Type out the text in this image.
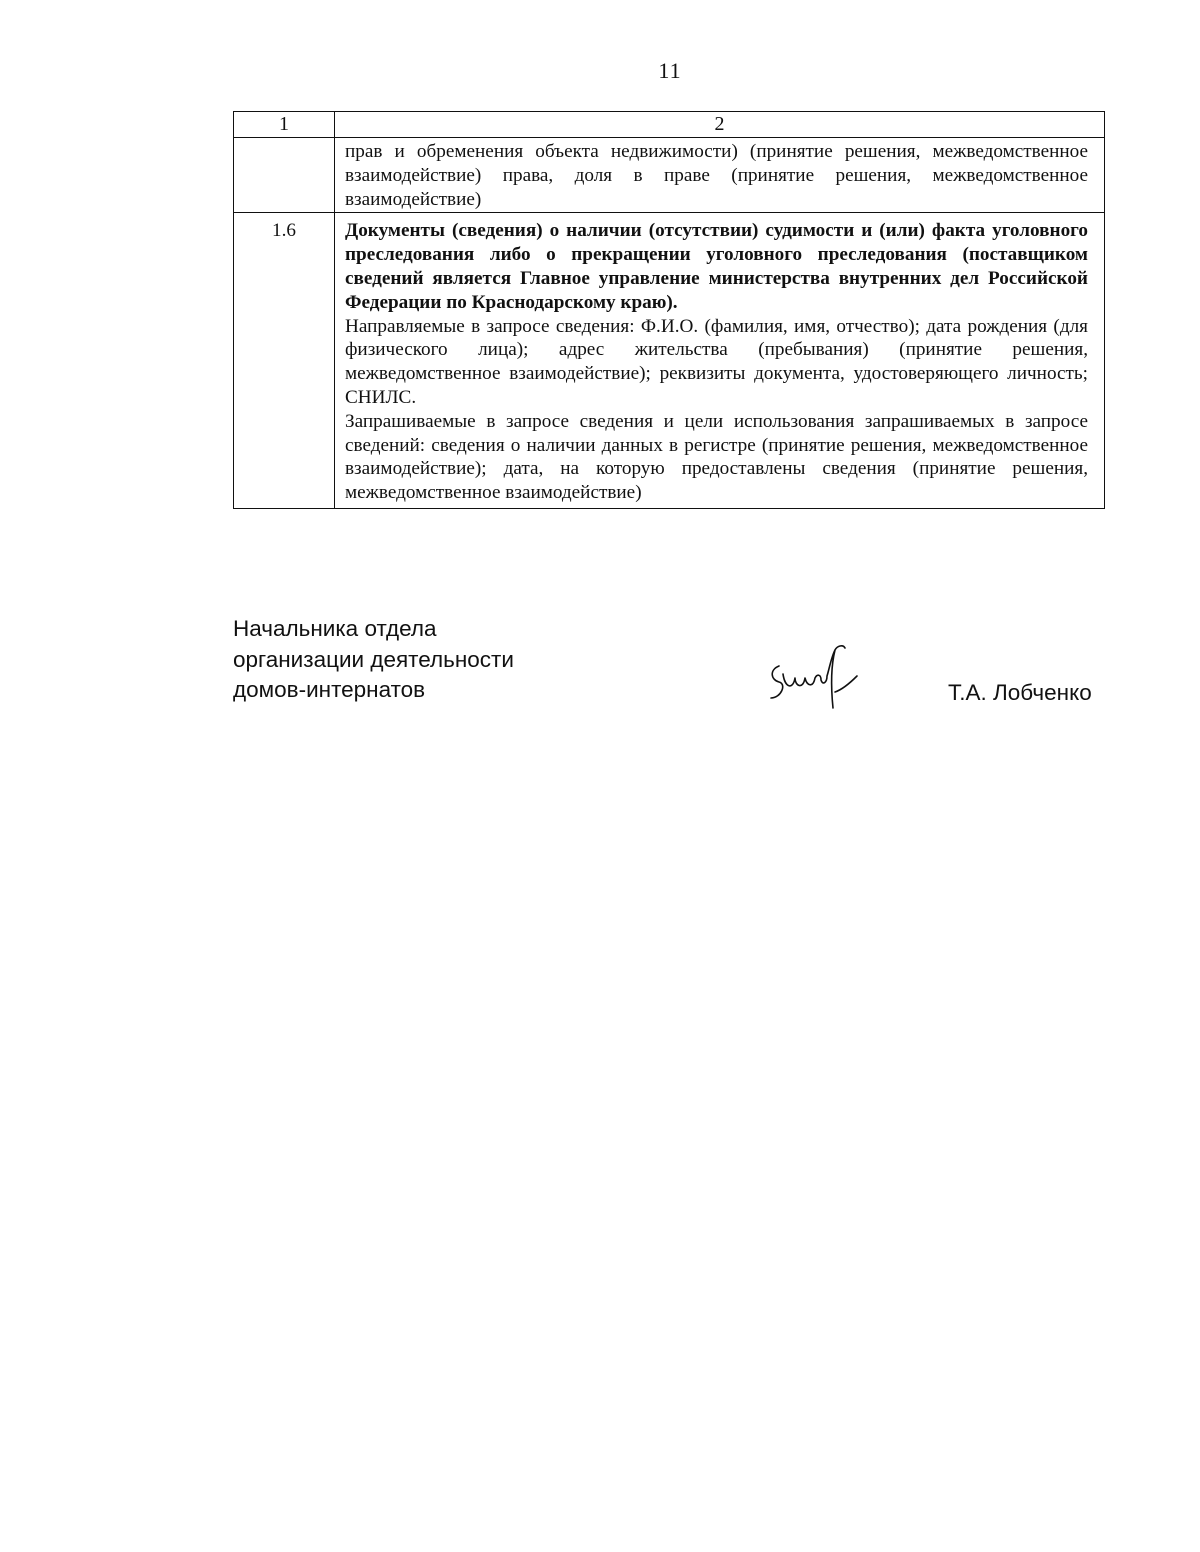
11
1	2

	прав и обременения объекта недвижимости) (принятие решения, межведомственное взаимодействие) права, доля в праве (принятие решения, межведомственное взаимодействие)

1.6	Документы (сведения) о наличии (отсутствии) судимости и (или) факта уголовного преследования либо о прекращении уголовного преследования (поставщиком сведений является Главное управление министерства внутренних дел Российской Федерации по Краснодарскому краю).

Направляемые в запросе сведения: Ф.И.О. (фамилия, имя, отчество); дата рождения (для физического лица); адрес жительства (пребывания) (принятие решения, межведомственное взаимодействие); реквизиты документа, удостоверяющего личность; СНИЛС.

Запрашиваемые в запросе сведения и цели использования запрашиваемых в запросе сведений: сведения о наличии данных в регистре (принятие решения, межведомственное взаимодействие); дата, на которую предоставлены сведения (принятие решения, межведомственное взаимодействие)

Начальника отдела
организации деятельности
домов-интернатов	Т.А. Лобченко
